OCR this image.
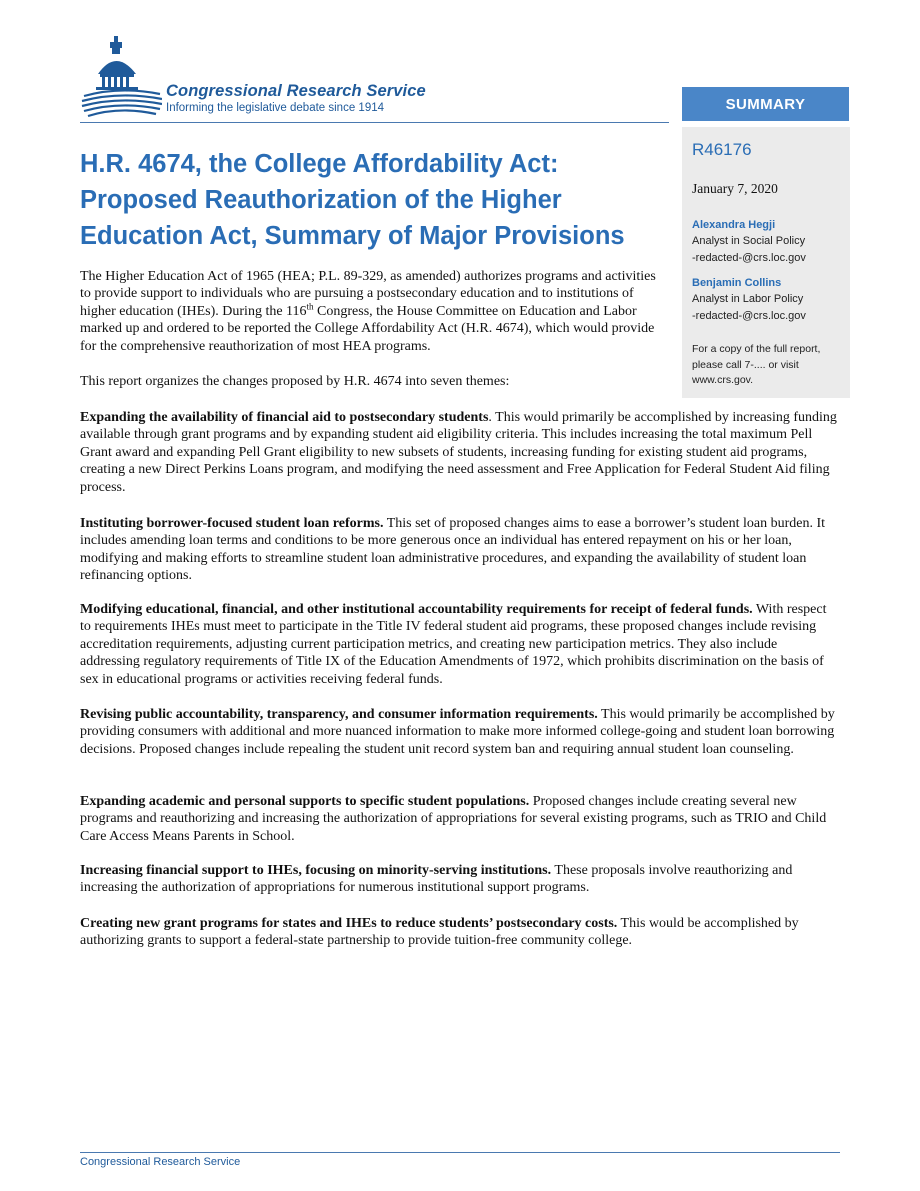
Congressional Research Service
Informing the legislative debate since 1914
H.R. 4674, the College Affordability Act: Proposed Reauthorization of the Higher Education Act, Summary of Major Provisions

The Higher Education Act of 1965 (HEA; P.L. 89-329, as amended) authorizes programs and activities to provide support to individuals who are pursuing a postsecondary education and to institutions of higher education (IHEs). During the 116th Congress, the House Committee on Education and Labor marked up and ordered to be reported the College Affordability Act (H.R. 4674), which would provide for the comprehensive reauthorization of most HEA programs.

This report organizes the changes proposed by H.R. 4674 into seven themes:

Expanding the availability of financial aid to postsecondary students. This would primarily be accomplished by increasing funding available through grant programs and by expanding student aid eligibility criteria. This includes increasing the total maximum Pell Grant award and expanding Pell Grant eligibility to new subsets of students, increasing funding for existing student aid programs, creating a new Direct Perkins Loans program, and modifying the need assessment and Free Application for Federal Student Aid filing process.

Instituting borrower-focused student loan reforms. This set of proposed changes aims to ease a borrower’s student loan burden. It includes amending loan terms and conditions to be more generous once an individual has entered repayment on his or her loan, modifying and making efforts to streamline student loan administrative procedures, and expanding the availability of student loan refinancing options.

Modifying educational, financial, and other institutional accountability requirements for receipt of federal funds. With respect to requirements IHEs must meet to participate in the Title IV federal student aid programs, these proposed changes include revising accreditation requirements, adjusting current participation metrics, and creating new participation metrics. They also include addressing regulatory requirements of Title IX of the Education Amendments of 1972, which prohibits discrimination on the basis of sex in educational programs or activities receiving federal funds.

Revising public accountability, transparency, and consumer information requirements. This would primarily be accomplished by providing consumers with additional and more nuanced information to make more informed college-going and student loan borrowing decisions. Proposed changes include repealing the student unit record system ban and requiring annual student loan counseling.

Expanding academic and personal supports to specific student populations. Proposed changes include creating several new programs and reauthorizing and increasing the authorization of appropriations for several existing programs, such as TRIO and Child Care Access Means Parents in School.

Increasing financial support to IHEs, focusing on minority-serving institutions. These proposals involve reauthorizing and increasing the authorization of appropriations for numerous institutional support programs.

Creating new grant programs for states and IHEs to reduce students’ postsecondary costs. This would be accomplished by authorizing grants to support a federal-state partnership to provide tuition-free community college.

SUMMARY
R46176
January 7, 2020
Alexandra Hegji
Analyst in Social Policy
-redacted-@crs.loc.gov
Benjamin Collins
Analyst in Labor Policy
-redacted-@crs.loc.gov

For a copy of the full report, please call 7-.... or visit www.crs.gov.

Congressional Research Service
